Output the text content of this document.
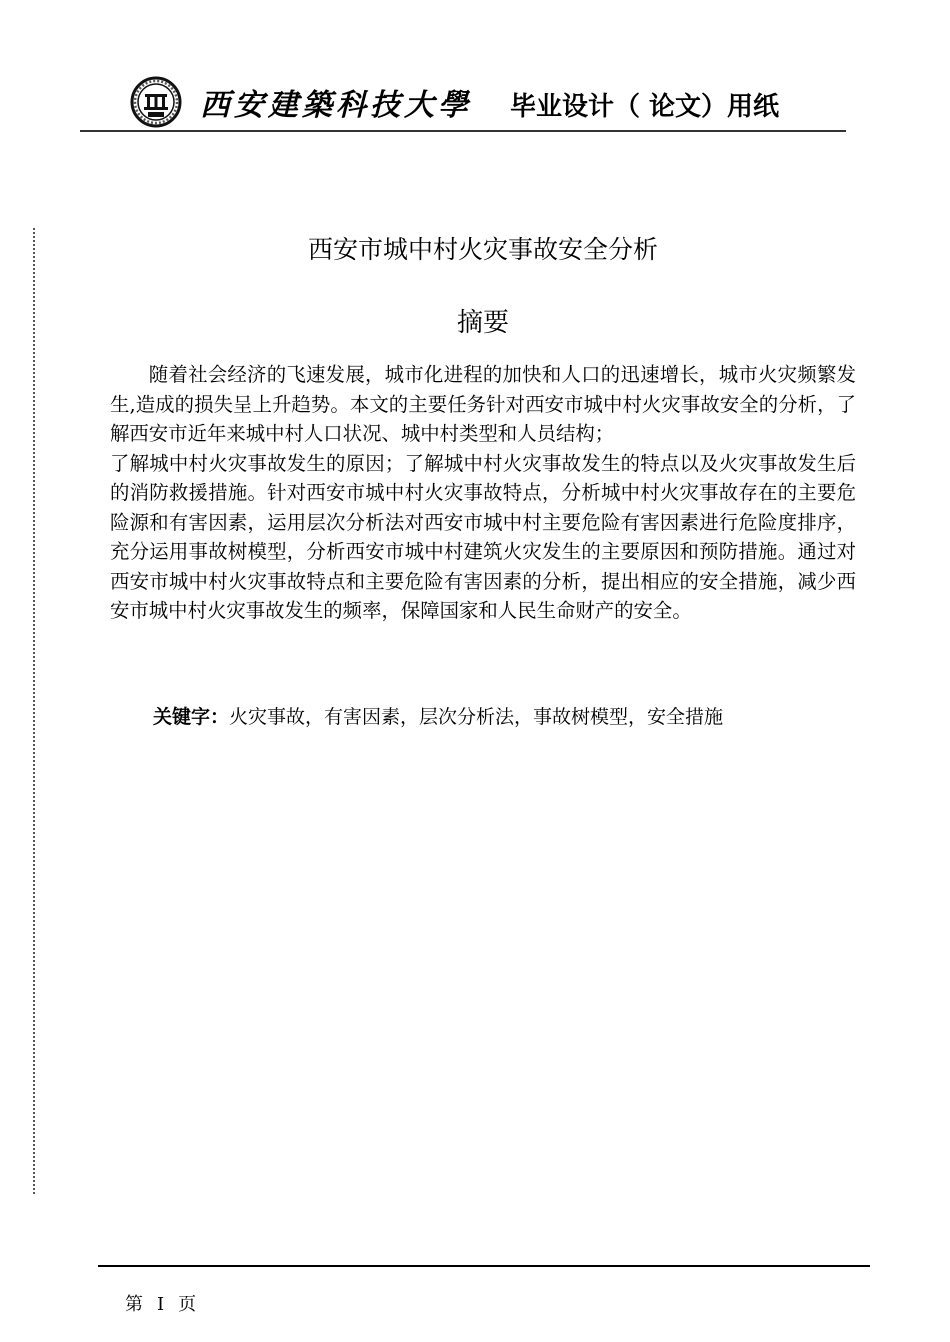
西安建築科技大學 毕业设计（ 论文）用纸
西安市城中村火灾事故安全分析
摘要

随着社会经济的飞速发展，城市化进程的加快和人口的迅速增长，城市火灾频繁发生,造成的损失呈上升趋势。本文的主要任务针对西安市城中村火灾事故安全的分析，了解西安市近年来城中村人口状况、城中村类型和人员结构；

了解城中村火灾事故发生的原因；了解城中村火灾事故发生的特点以及火灾事故发生后的消防救援措施。针对西安市城中村火灾事故特点，分析城中村火灾事故存在的主要危险源和有害因素，运用层次分析法对西安市城中村主要危险有害因素进行危险度排序，充分运用事故树模型，分析西安市城中村建筑火灾发生的主要原因和预防措施。通过对西安市城中村火灾事故特点和主要危险有害因素的分析，提出相应的安全措施，减少西安市城中村火灾事故发生的频率，保障国家和人民生命财产的安全。

关键字：火灾事故，有害因素，层次分析法，事故树模型，安全措施
第 I 页
